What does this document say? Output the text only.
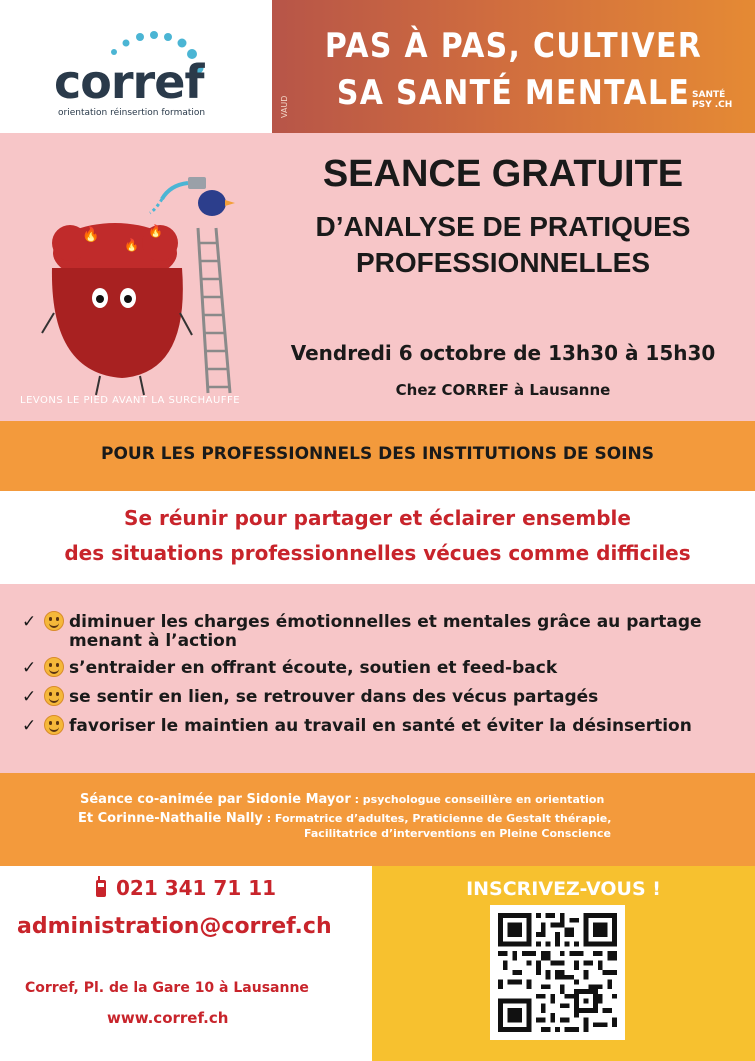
corref
orientation réinsertion formation
PAS À PAS, CULTIVER
SA SANTÉ MENTALE
VAUD
SANTÉ
PSY .CH
🔥
🔥
🔥
LEVONS LE PIED AVANT LA SURCHAUFFE
SEANCE GRATUITE
D’ANALYSE DE PRATIQUES
PROFESSIONNELLES
Vendredi 6 octobre de 13h30 à 15h30
Chez CORREF à Lausanne
POUR LES PROFESSIONNELS DES INSTITUTIONS DE SOINS
Se réunir pour partager et éclairer ensemble
des situations professionnelles vécues comme difficiles
✓ diminuer les charges émotionnelles et mentales grâce au partage
menant à l’action
✓ s’entraider en offrant écoute, soutien et feed-back
✓ se sentir en lien, se retrouver dans des vécus partagés
✓ favoriser le maintien au travail en santé et éviter la désinsertion
Séance co-animée par Sidonie Mayor : psychologue conseillère en orientation
Et Corinne-Nathalie Nally : Formatrice d’adultes, Praticienne de Gestalt thérapie,
Facilitatrice d’interventions en Pleine Conscience
021 341 71 11
administration@corref.ch
Corref, Pl. de la Gare 10 à Lausanne
www.corref.ch
INSCRIVEZ-VOUS !
